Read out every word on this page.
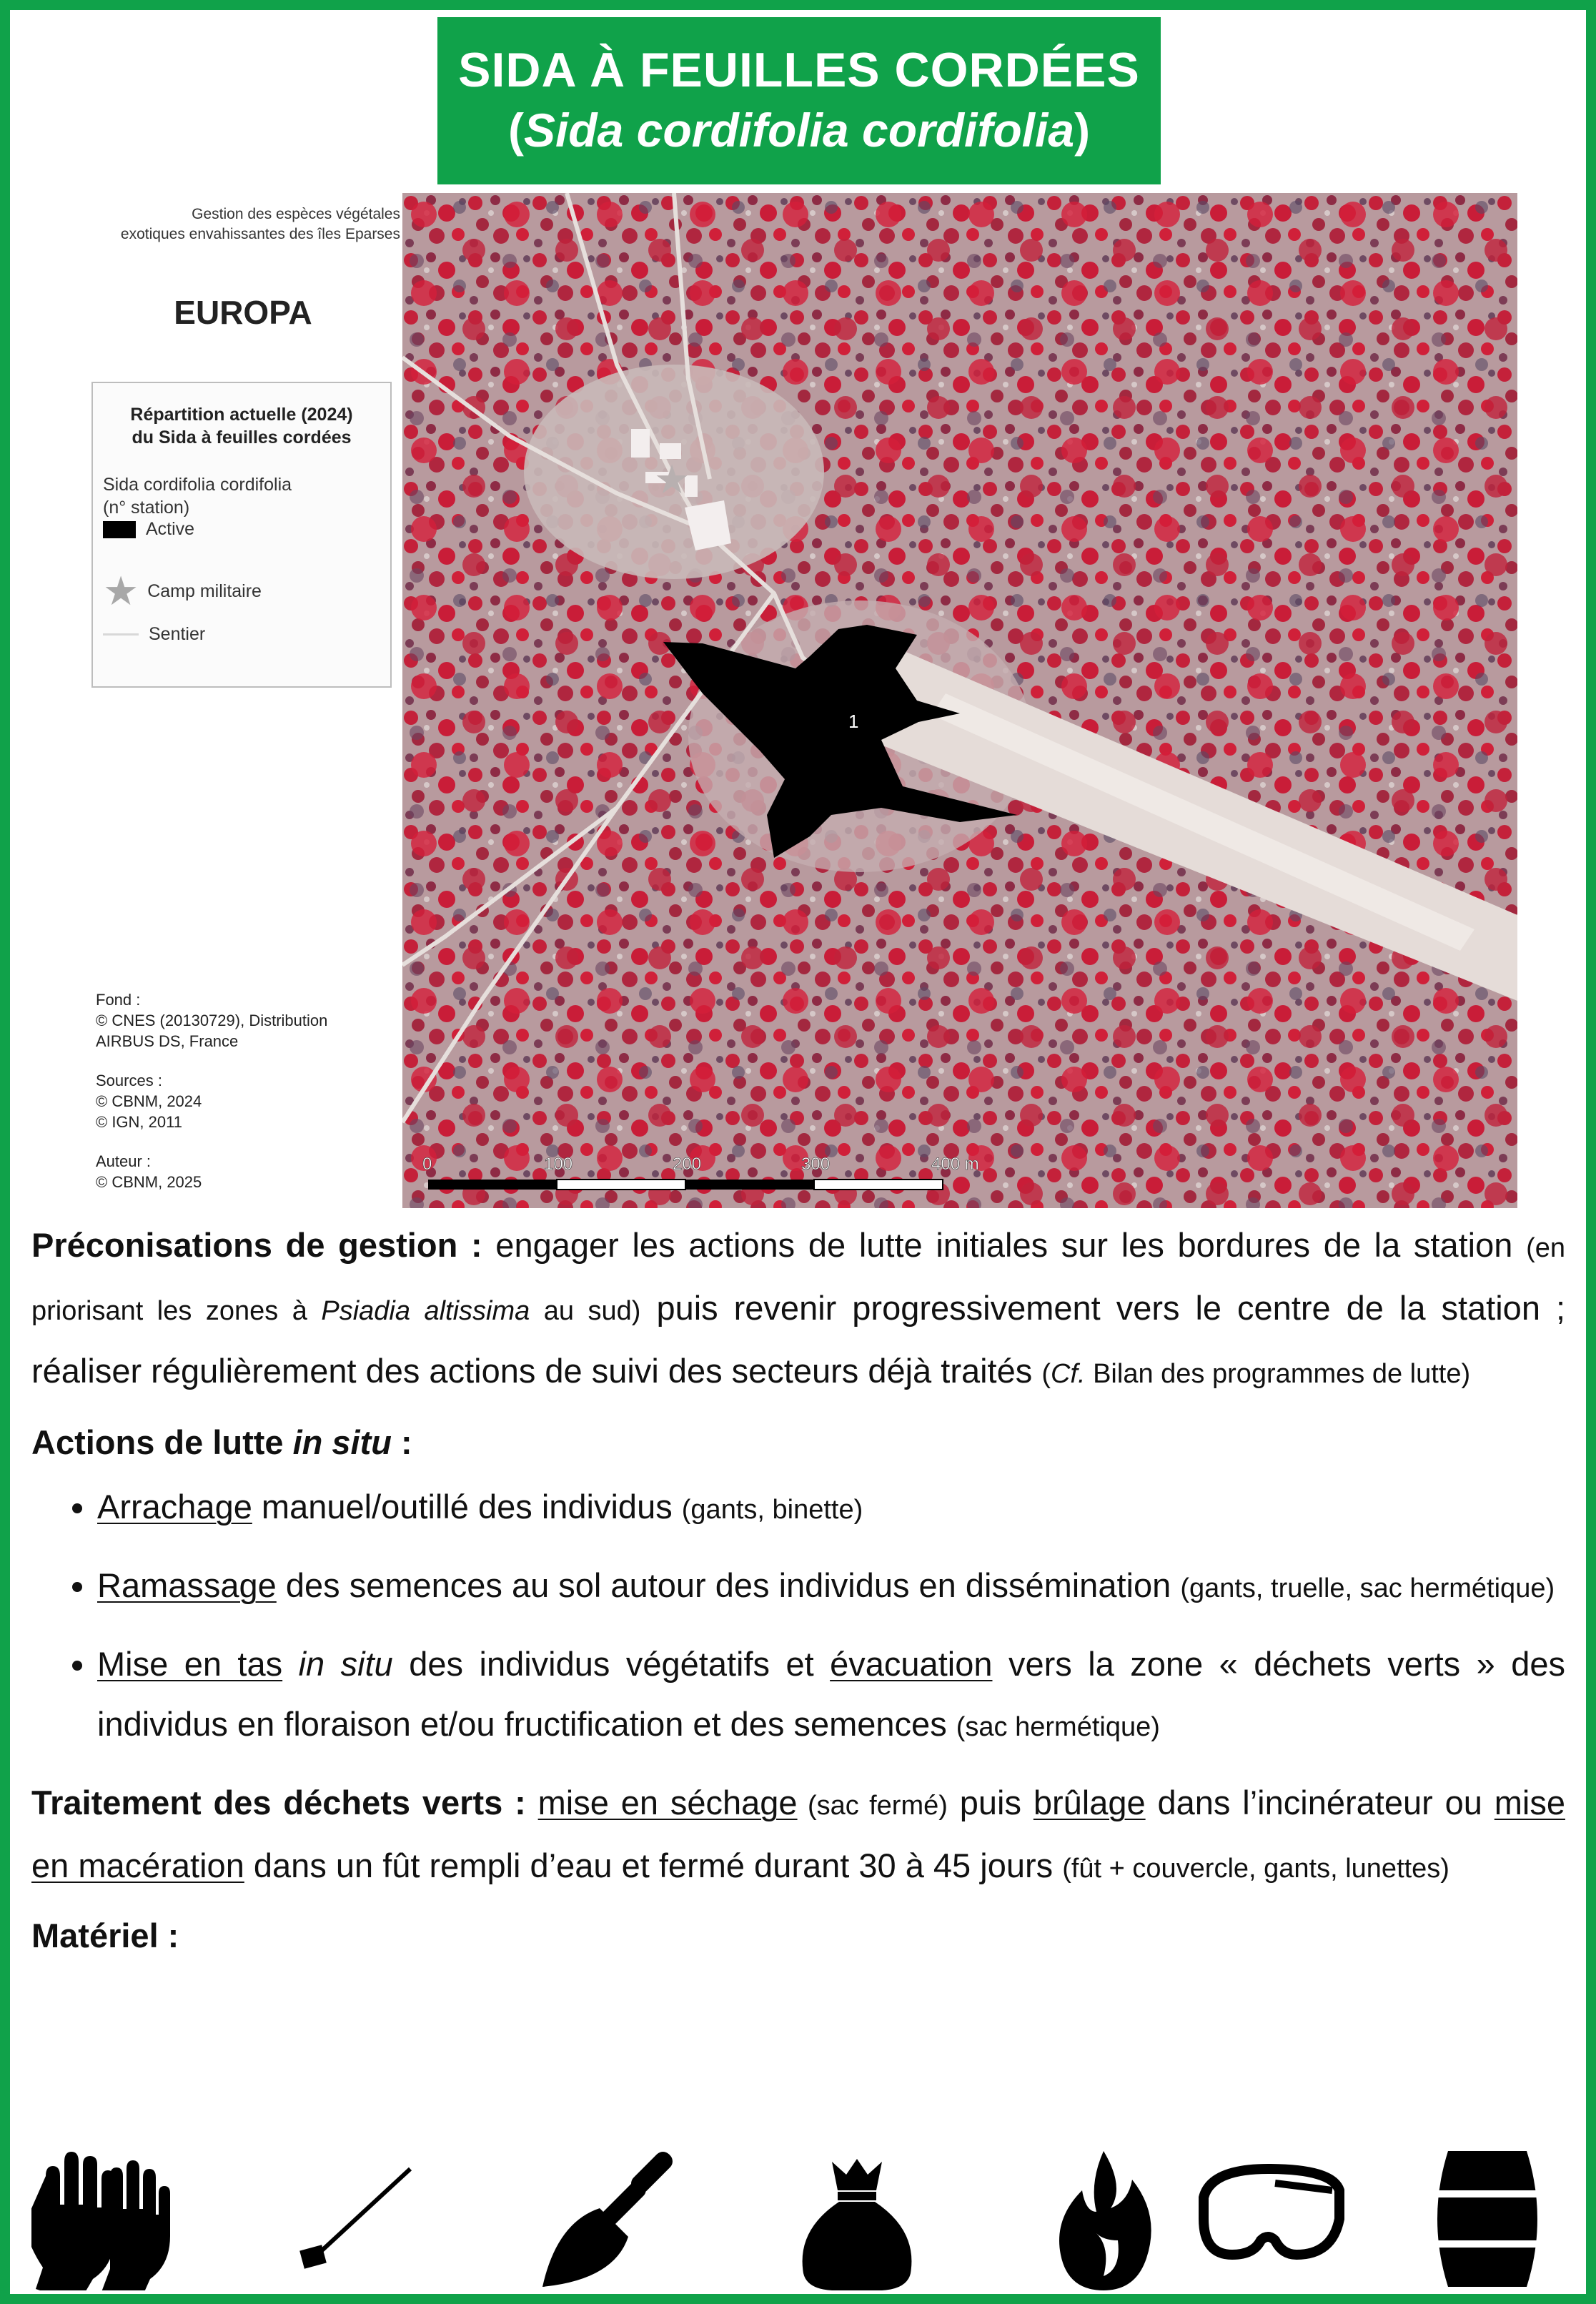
SIDA À FEUILLES CORDÉES
(Sida cordifolia cordifolia)
Gestion des espèces végétales
exotiques envahissantes des îles Eparses
EUROPA
Répartition actuelle (2024)
du Sida à feuilles cordées
Sida cordifolia cordifolia
(n° station)
Active
★ Camp militaire
Sentier
Fond :
© CNES (20130729), Distribution
AIRBUS DS, France
Sources :
© CBNM, 2024
© IGN, 2011
Auteur :
© CBNM, 2025
★
1
0	100	200	300	400 m

Préconisations de gestion : engager les actions de lutte initiales sur les bordures de la station (en priorisant les zones à Psiadia altissima au sud) puis revenir progressivement vers le centre de la station ; réaliser régulièrement des actions de suivi des secteurs déjà traités (Cf. Bilan des programmes de lutte)

Actions de lutte in situ :

• Arrachage manuel/outillé des individus (gants, binette)
• Ramassage des semences au sol autour des individus en dissémination (gants, truelle, sac hermétique)
• Mise en tas in situ des individus végétatifs et évacuation vers la zone « déchets verts » des individus en floraison et/ou fructification et des semences (sac hermétique)

Traitement des déchets verts : mise en séchage (sac fermé) puis brûlage dans l’incinérateur ou mise en macération dans un fût rempli d’eau et fermé durant 30 à 45 jours (fût + couvercle, gants, lunettes)

Matériel :
